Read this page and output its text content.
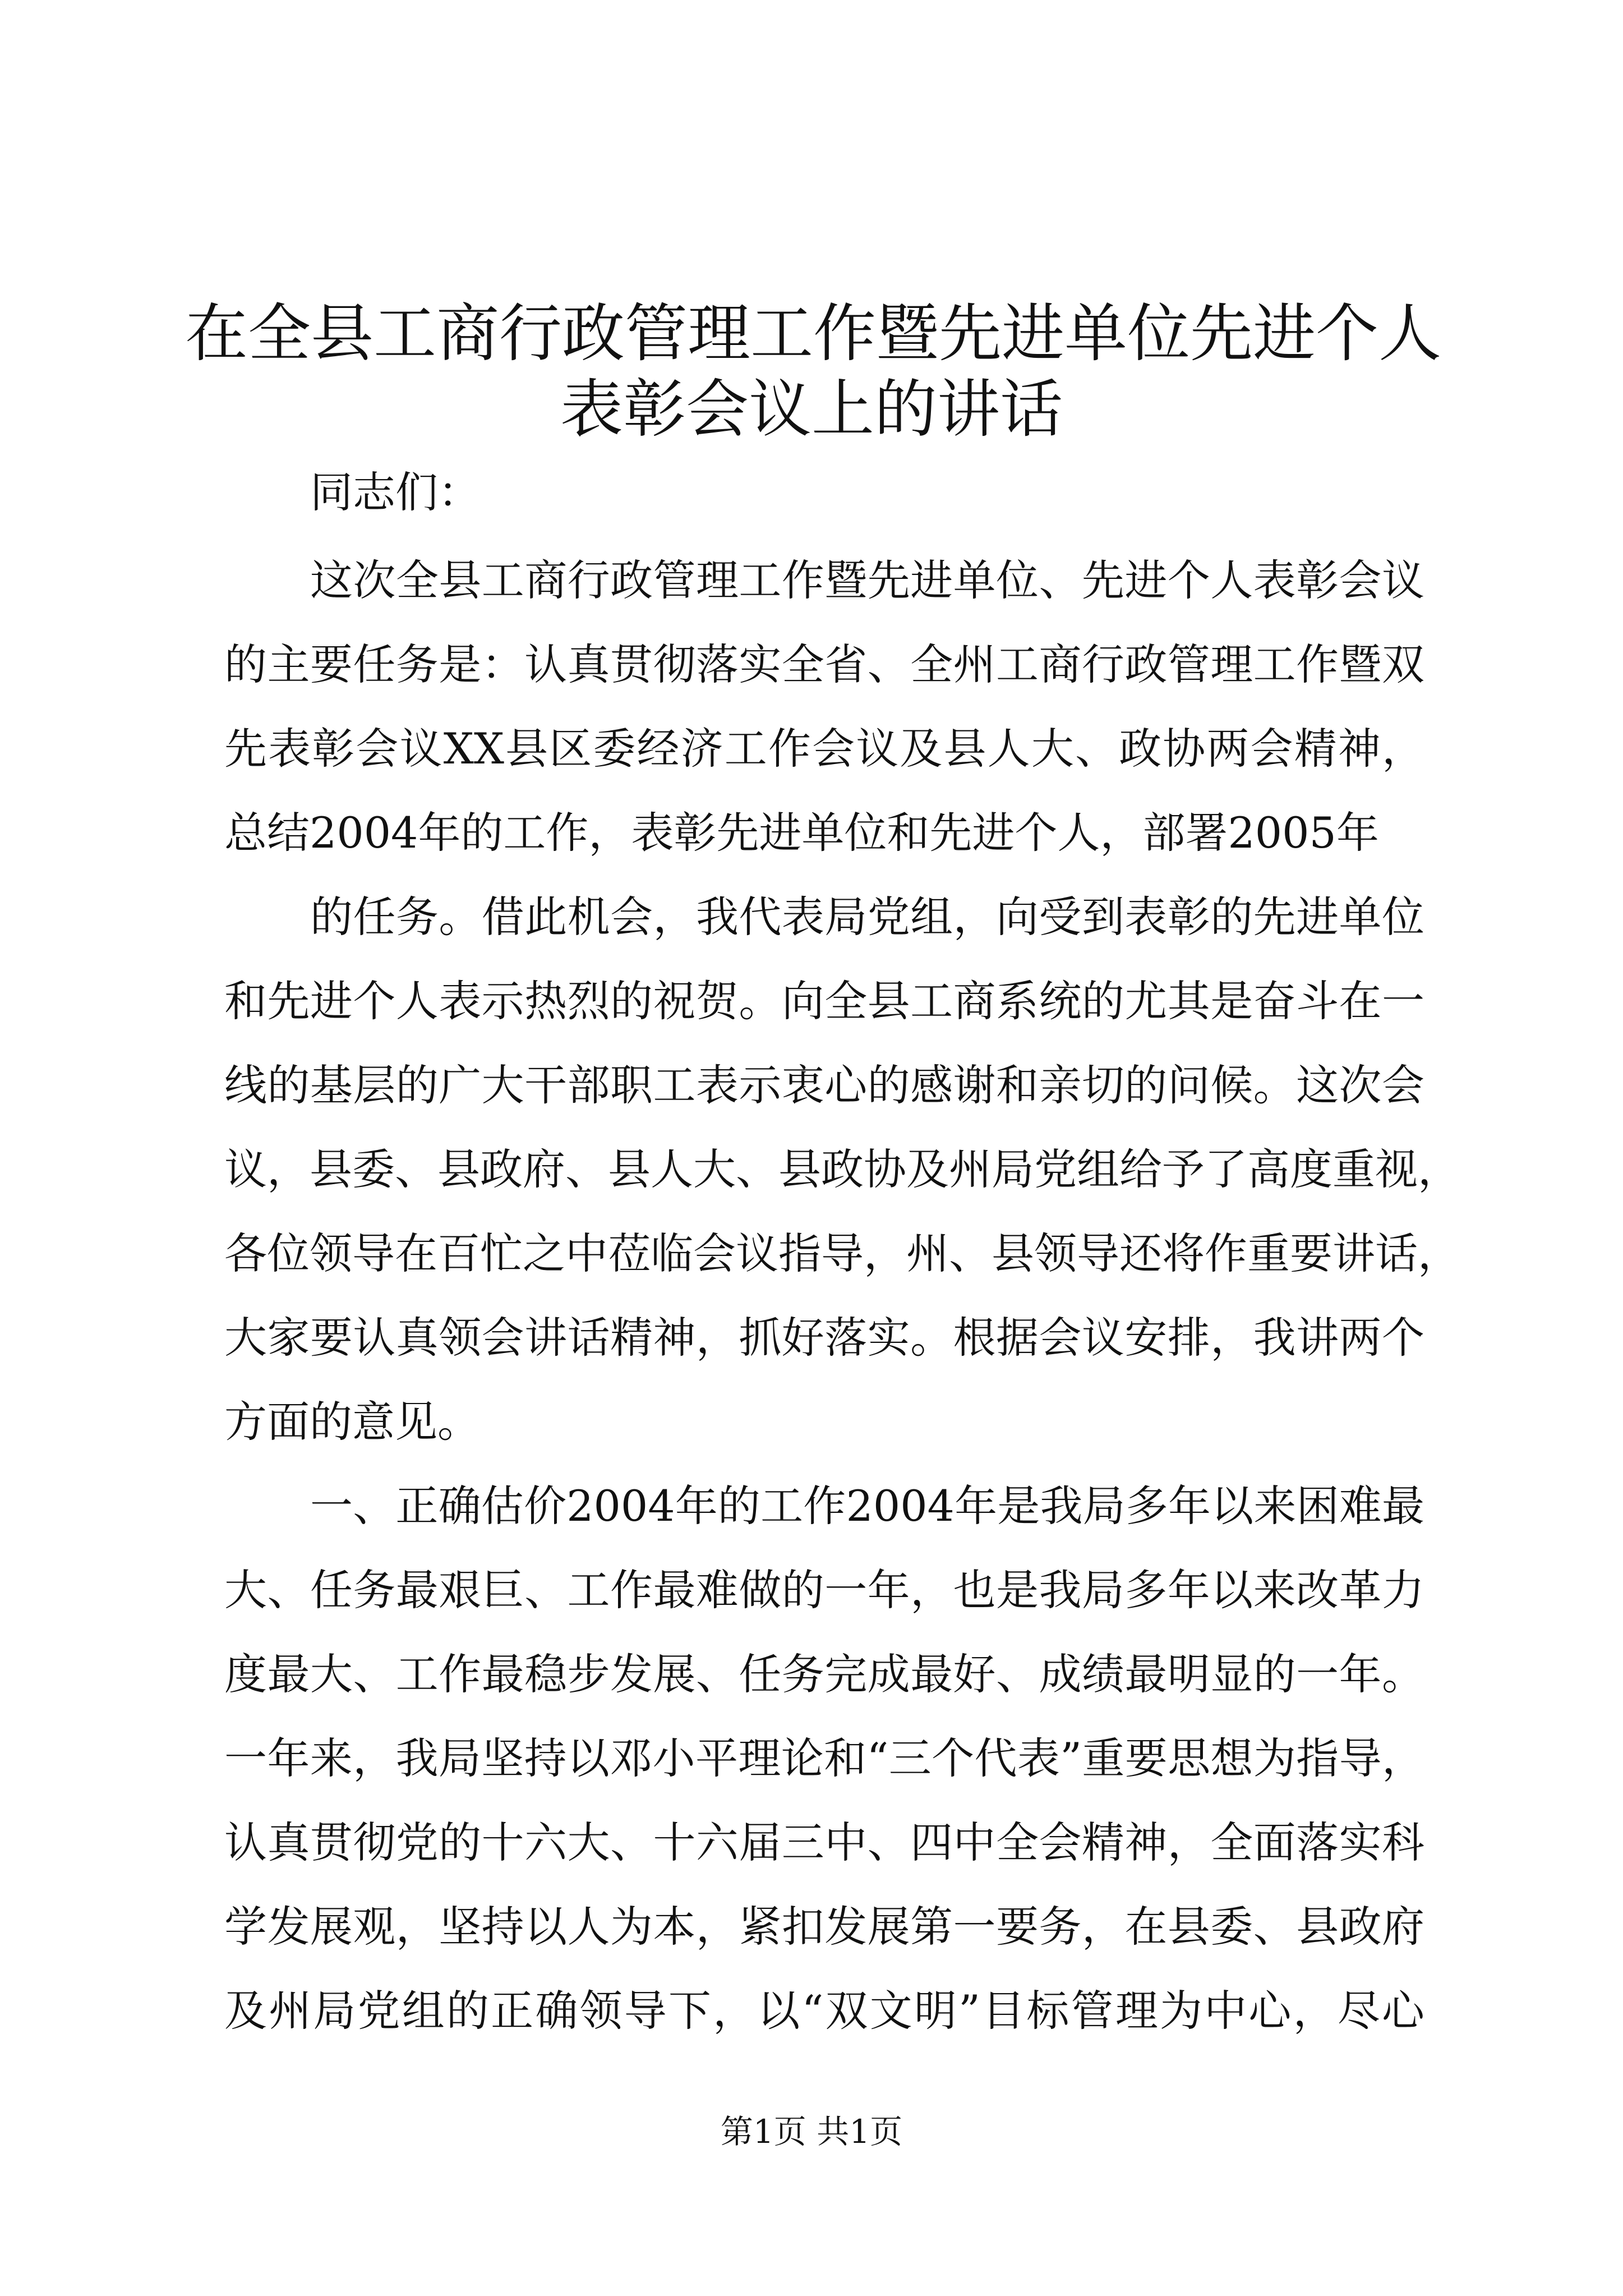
在全县工商行政管理工作暨先进单位先进个人
表彰会议上的讲话

同志们：

这次全县工商行政管理工作暨先进单位、先进个人表彰会议

的主要任务是：认真贯彻落实全省、全州工商行政管理工作暨双

先表彰会议XX县区委经济工作会议及县人大、政协两会精神，

总结2004年的工作，表彰先进单位和先进个人，部署2005年

的任务。借此机会，我代表局党组，向受到表彰的先进单位

和先进个人表示热烈的祝贺。向全县工商系统的尤其是奋斗在一

线的基层的广大干部职工表示衷心的感谢和亲切的问候。这次会

议，县委、县政府、县人大、县政协及州局党组给予了高度重视，

各位领导在百忙之中莅临会议指导，州、县领导还将作重要讲话，

大家要认真领会讲话精神，抓好落实。根据会议安排，我讲两个

方面的意见。

一、正确估价2004年的工作2004年是我局多年以来困难最

大、任务最艰巨、工作最难做的一年，也是我局多年以来改革力

度最大、工作最稳步发展、任务完成最好、成绩最明显的一年。

一年来，我局坚持以邓小平理论和“三个代表”重要思想为指导，

认真贯彻党的十六大、十六届三中、四中全会精神，全面落实科

学发展观，坚持以人为本，紧扣发展第一要务，在县委、县政府

及州局党组的正确领导下，以“双文明”目标管理为中心，尽心

第1页 共1页
